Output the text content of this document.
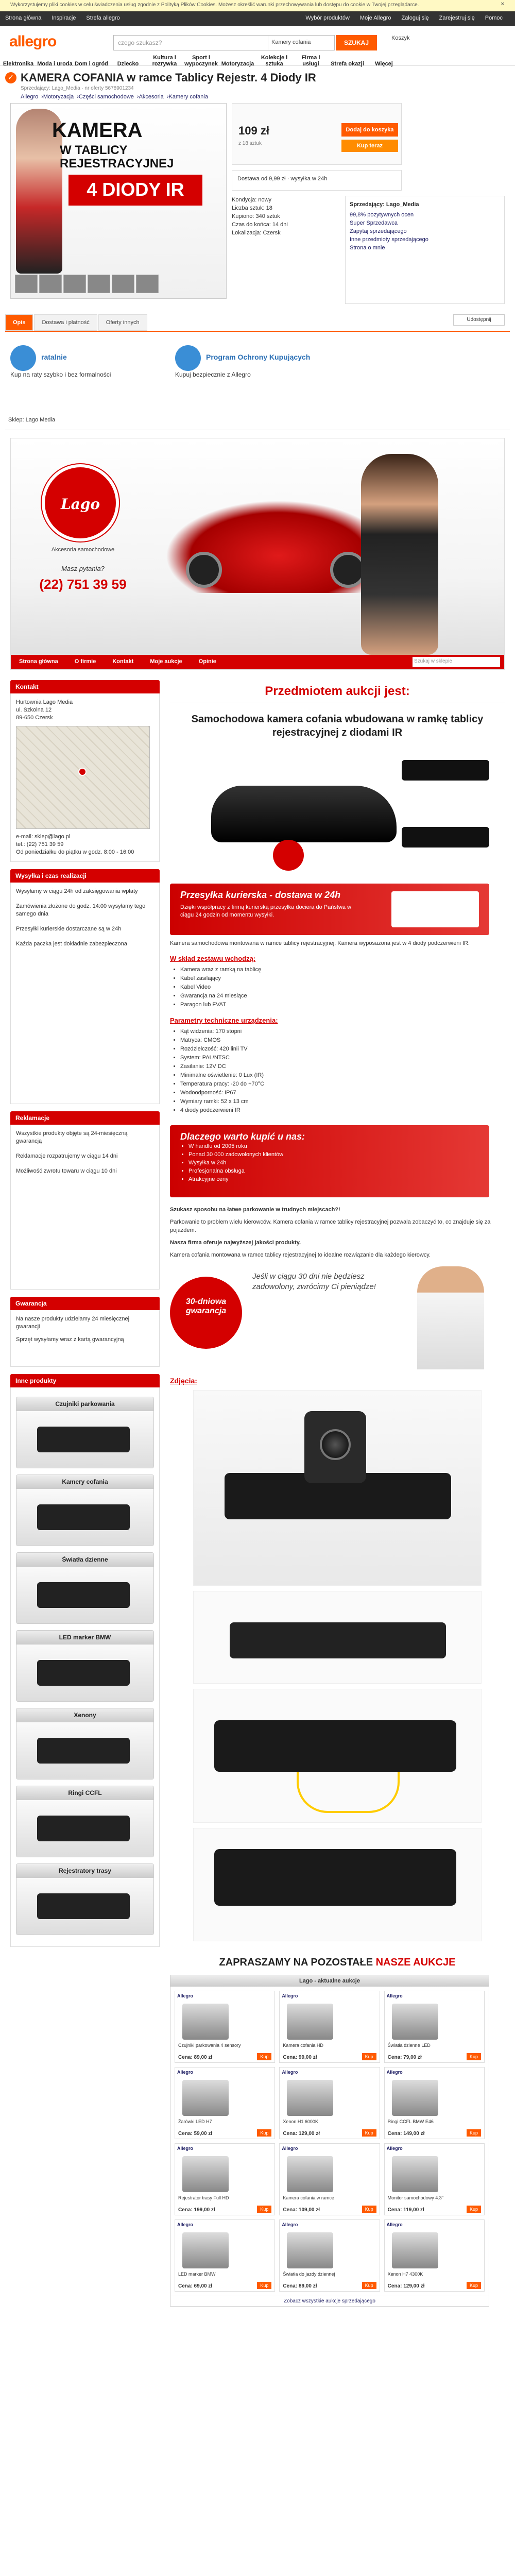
Wykorzystujemy pliki cookies w celu świadczenia usług zgodnie z Polityką Plików Cookies. Możesz określić warunki przechowywania lub dostępu do cookie w Twojej przeglądarce.	✕
Strona główna Inspiracje Strefa allegro	Wybór produktów Moje Allegro Zaloguj się Zarejestruj się Pomoc
allegro	czego szukasz?	Kamery cofania	SZUKAJ
Koszyk
Elektronika Moda i uroda Dom i ogród DzieckoKultura i rozrywkaSport i wypoczynek MotoryzacjaKolekcje i sztukaFirma i usługi Strefa okazji Więcej
✓ KAMERA COFANIA w ramce Tablicy Rejestr. 4 Diody IR
Sprzedający: Lago_Media · nr oferty 5678901234
Allegro ›Motoryzacja ›Części samochodowe ›Akcesoria ›Kamery cofania
KAMERA
W TABLICY
REJESTRACYJNEJ
4 DIODY IR
109 zł
z 18 sztuk
Dodaj do koszyka
Kup teraz
Dostawa od 9,99 zł · wysyłka w 24h
Kondycja: nowy
Liczba sztuk: 18
Kupiono: 340 sztuk
Czas do końca: 14 dni
Lokalizacja: Czersk
Sprzedający: Lago_Media
99,8% pozytywnych ocen
Super Sprzedawca
Zapytaj sprzedającego
Inne przedmioty sprzedającego
Strona o mnie
Udostępnij
Opis	Dostawa i płatność	Oferty innych
ratalnie
Kup na raty szybko i bez formalności
Program Ochrony Kupujących
Kupuj bezpiecznie z Allegro
Sklep: Lago Media
Lago
Akcesoria samochodowe
Masz pytania?
(22) 751 39 59
Strona główna	O firmie	Kontakt	Moje aukcje	Opinie	Szukaj w sklepie
Kontakt
Hurtownia Lago Media
ul. Szkolna 12
89-650 Czersk
e-mail: sklep@lago.pl
tel.: (22) 751 39 59
Od poniedziałku do piątku w godz. 8:00 - 16:00
Wysyłka i czas realizacji

Wysyłamy w ciągu 24h od zaksięgowania wpłaty

Zamówienia złożone do godz. 14:00 wysyłamy tego samego dnia

Przesyłki kurierskie dostarczane są w 24h

Każda paczka jest dokładnie zabezpieczona

Reklamacje

Wszystkie produkty objęte są 24-miesięczną gwarancją

Reklamacje rozpatrujemy w ciągu 14 dni

Możliwość zwrotu towaru w ciągu 10 dni

Gwarancja

Na nasze produkty udzielamy 24 miesięcznej gwarancji

Sprzęt wysyłamy wraz z kartą gwarancyjną

Inne produkty
Czujniki parkowania
Kamery cofania
Światła dzienne
LED marker BMW
Xenony
Ringi CCFL
Rejestratory trasy
Przedmiotem aukcji jest:
Samochodowa kamera cofania wbudowana w ramkę tablicy rejestracyjnej z diodami IR
Przesyłka kurierska - dostawa w 24h
Dzięki współpracy z firmą kurierską przesyłka dociera do Państwa w ciągu 24 godzin od momentu wysyłki.

Kamera samochodowa montowana w ramce tablicy rejestracyjnej. Kamera wyposażona jest w 4 diody podczerwieni IR.

W skład zestawu wchodzą:
• Kamera wraz z ramką na tablicę
• Kabel zasilający
• Kabel Video
• Gwarancja na 24 miesiące
• Paragon lub FVAT
Parametry techniczne urządzenia:
• Kąt widzenia: 170 stopni
• Matryca: CMOS
• Rozdzielczość: 420 linii TV
• System: PAL/NTSC
• Zasilanie: 12V DC
• Minimalne oświetlenie: 0 Lux (IR)
• Temperatura pracy: -20 do +70°C
• Wodoodporność: IP67
• Wymiary ramki: 52 x 13 cm
• 4 diody podczerwieni IR
Dlaczego warto kupić u nas:
• W handlu od 2005 roku
• Ponad 30 000 zadowolonych klientów
• Wysyłka w 24h
• Profesjonalna obsługa
• Atrakcyjne ceny

Szukasz sposobu na łatwe parkowanie w trudnych miejscach?!

Parkowanie to problem wielu kierowców. Kamera cofania w ramce tablicy rejestracyjnej pozwala zobaczyć to, co znajduje się za pojazdem.

Nasza firma oferuje najwyższej jakości produkty.

Kamera cofania montowana w ramce tablicy rejestracyjnej to idealne rozwiązanie dla każdego kierowcy.

30-dniowa gwarancja
Jeśli w ciągu 30 dni nie będziesz zadowolony, zwrócimy Ci pieniądze!
Zdjęcia:
ZAPRASZAMY NA POZOSTAŁE NASZE AUKCJE
Lago - aktualne aukcje
Allegro
Czujniki parkowania 4 sensory
Cena: 89,00 zł	Kup
Allegro
Kamera cofania HD
Cena: 99,00 zł	Kup
Allegro
Światła dzienne LED
Cena: 79,00 zł	Kup
Allegro
Żarówki LED H7
Cena: 59,00 zł	Kup
Allegro
Xenon H1 6000K
Cena: 129,00 zł	Kup
Allegro
Ringi CCFL BMW E46
Cena: 149,00 zł	Kup
Allegro
Rejestrator trasy Full HD
Cena: 199,00 zł	Kup
Allegro
Kamera cofania w ramce
Cena: 109,00 zł	Kup
Allegro
Monitor samochodowy 4.3"
Cena: 119,00 zł	Kup
Allegro
LED marker BMW
Cena: 69,00 zł	Kup
Allegro
Światła do jazdy dziennej
Cena: 89,00 zł	Kup
Allegro
Xenon H7 4300K
Cena: 129,00 zł	Kup
Zobacz wszystkie aukcje sprzedającego
